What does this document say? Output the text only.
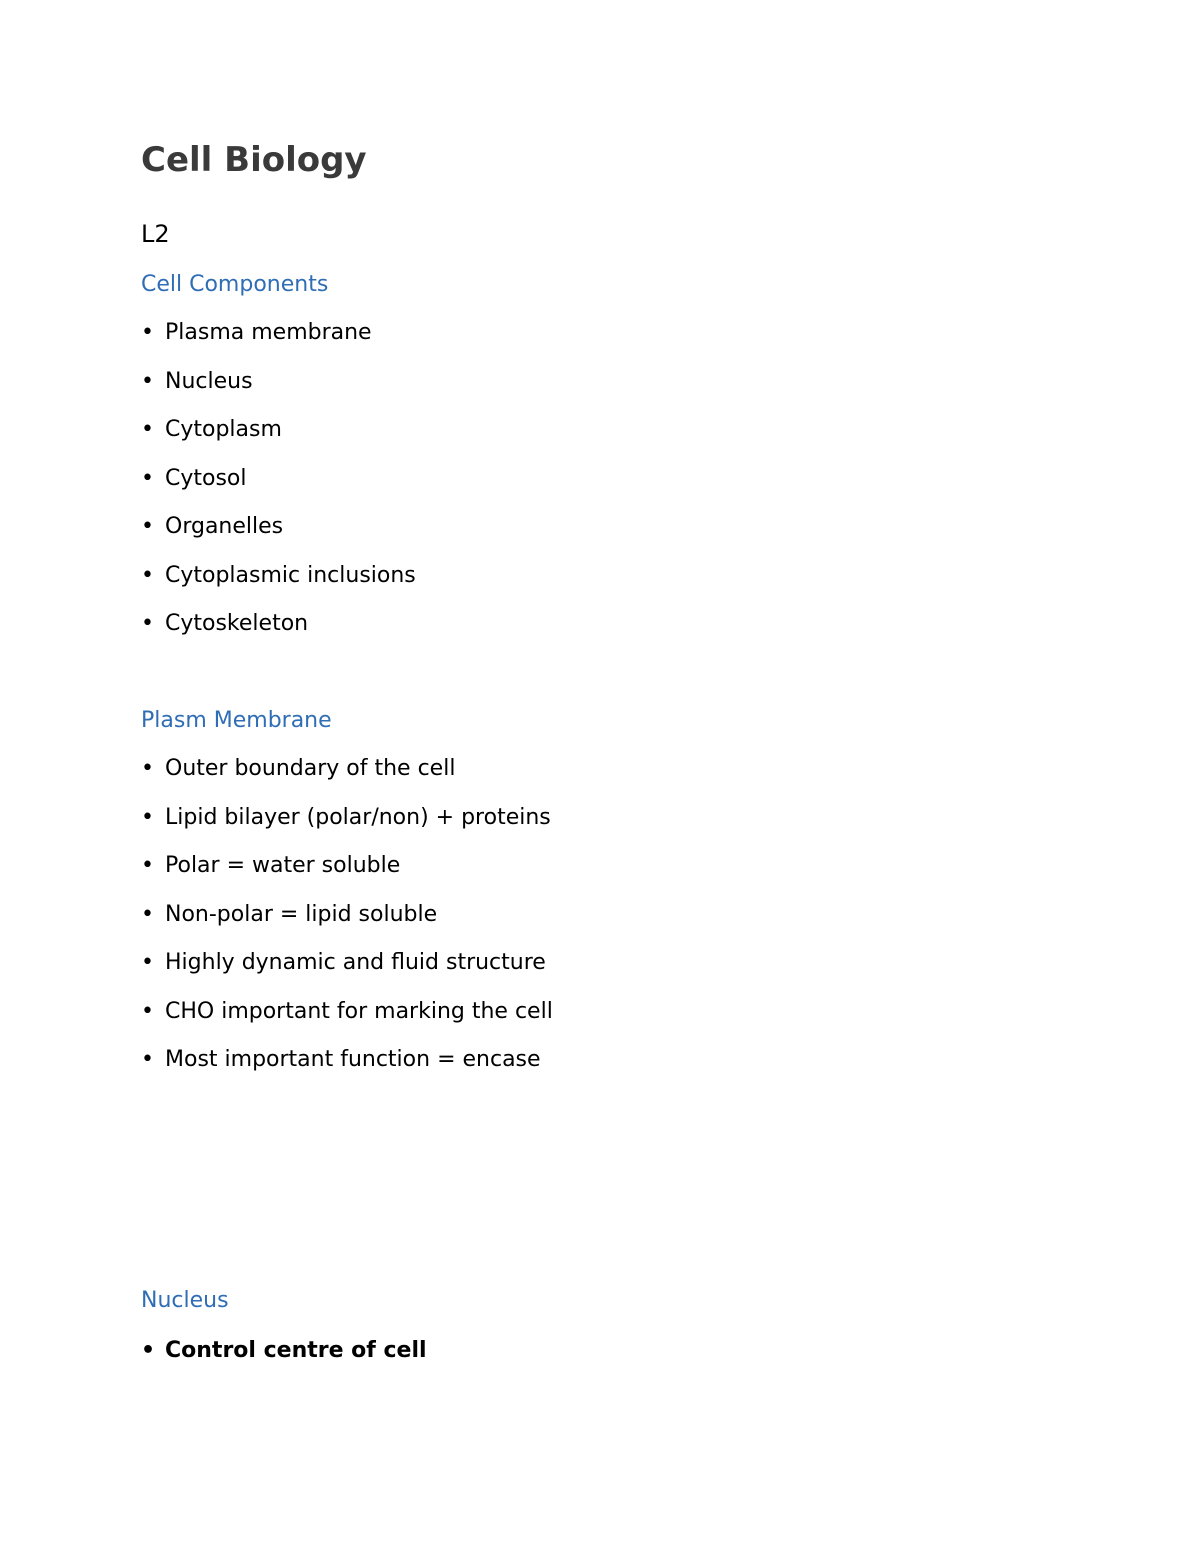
Cell Biology
L2
Cell Components
• Plasma membrane
• Nucleus
• Cytoplasm
• Cytosol
• Organelles
• Cytoplasmic inclusions
• Cytoskeleton
Plasm Membrane
• Outer boundary of the cell
• Lipid bilayer (polar/non) + proteins
• Polar = water soluble
• Non-polar = lipid soluble
• Highly dynamic and fluid structure
• CHO important for marking the cell
• Most important function = encase
Nucleus
• Control centre of cell
